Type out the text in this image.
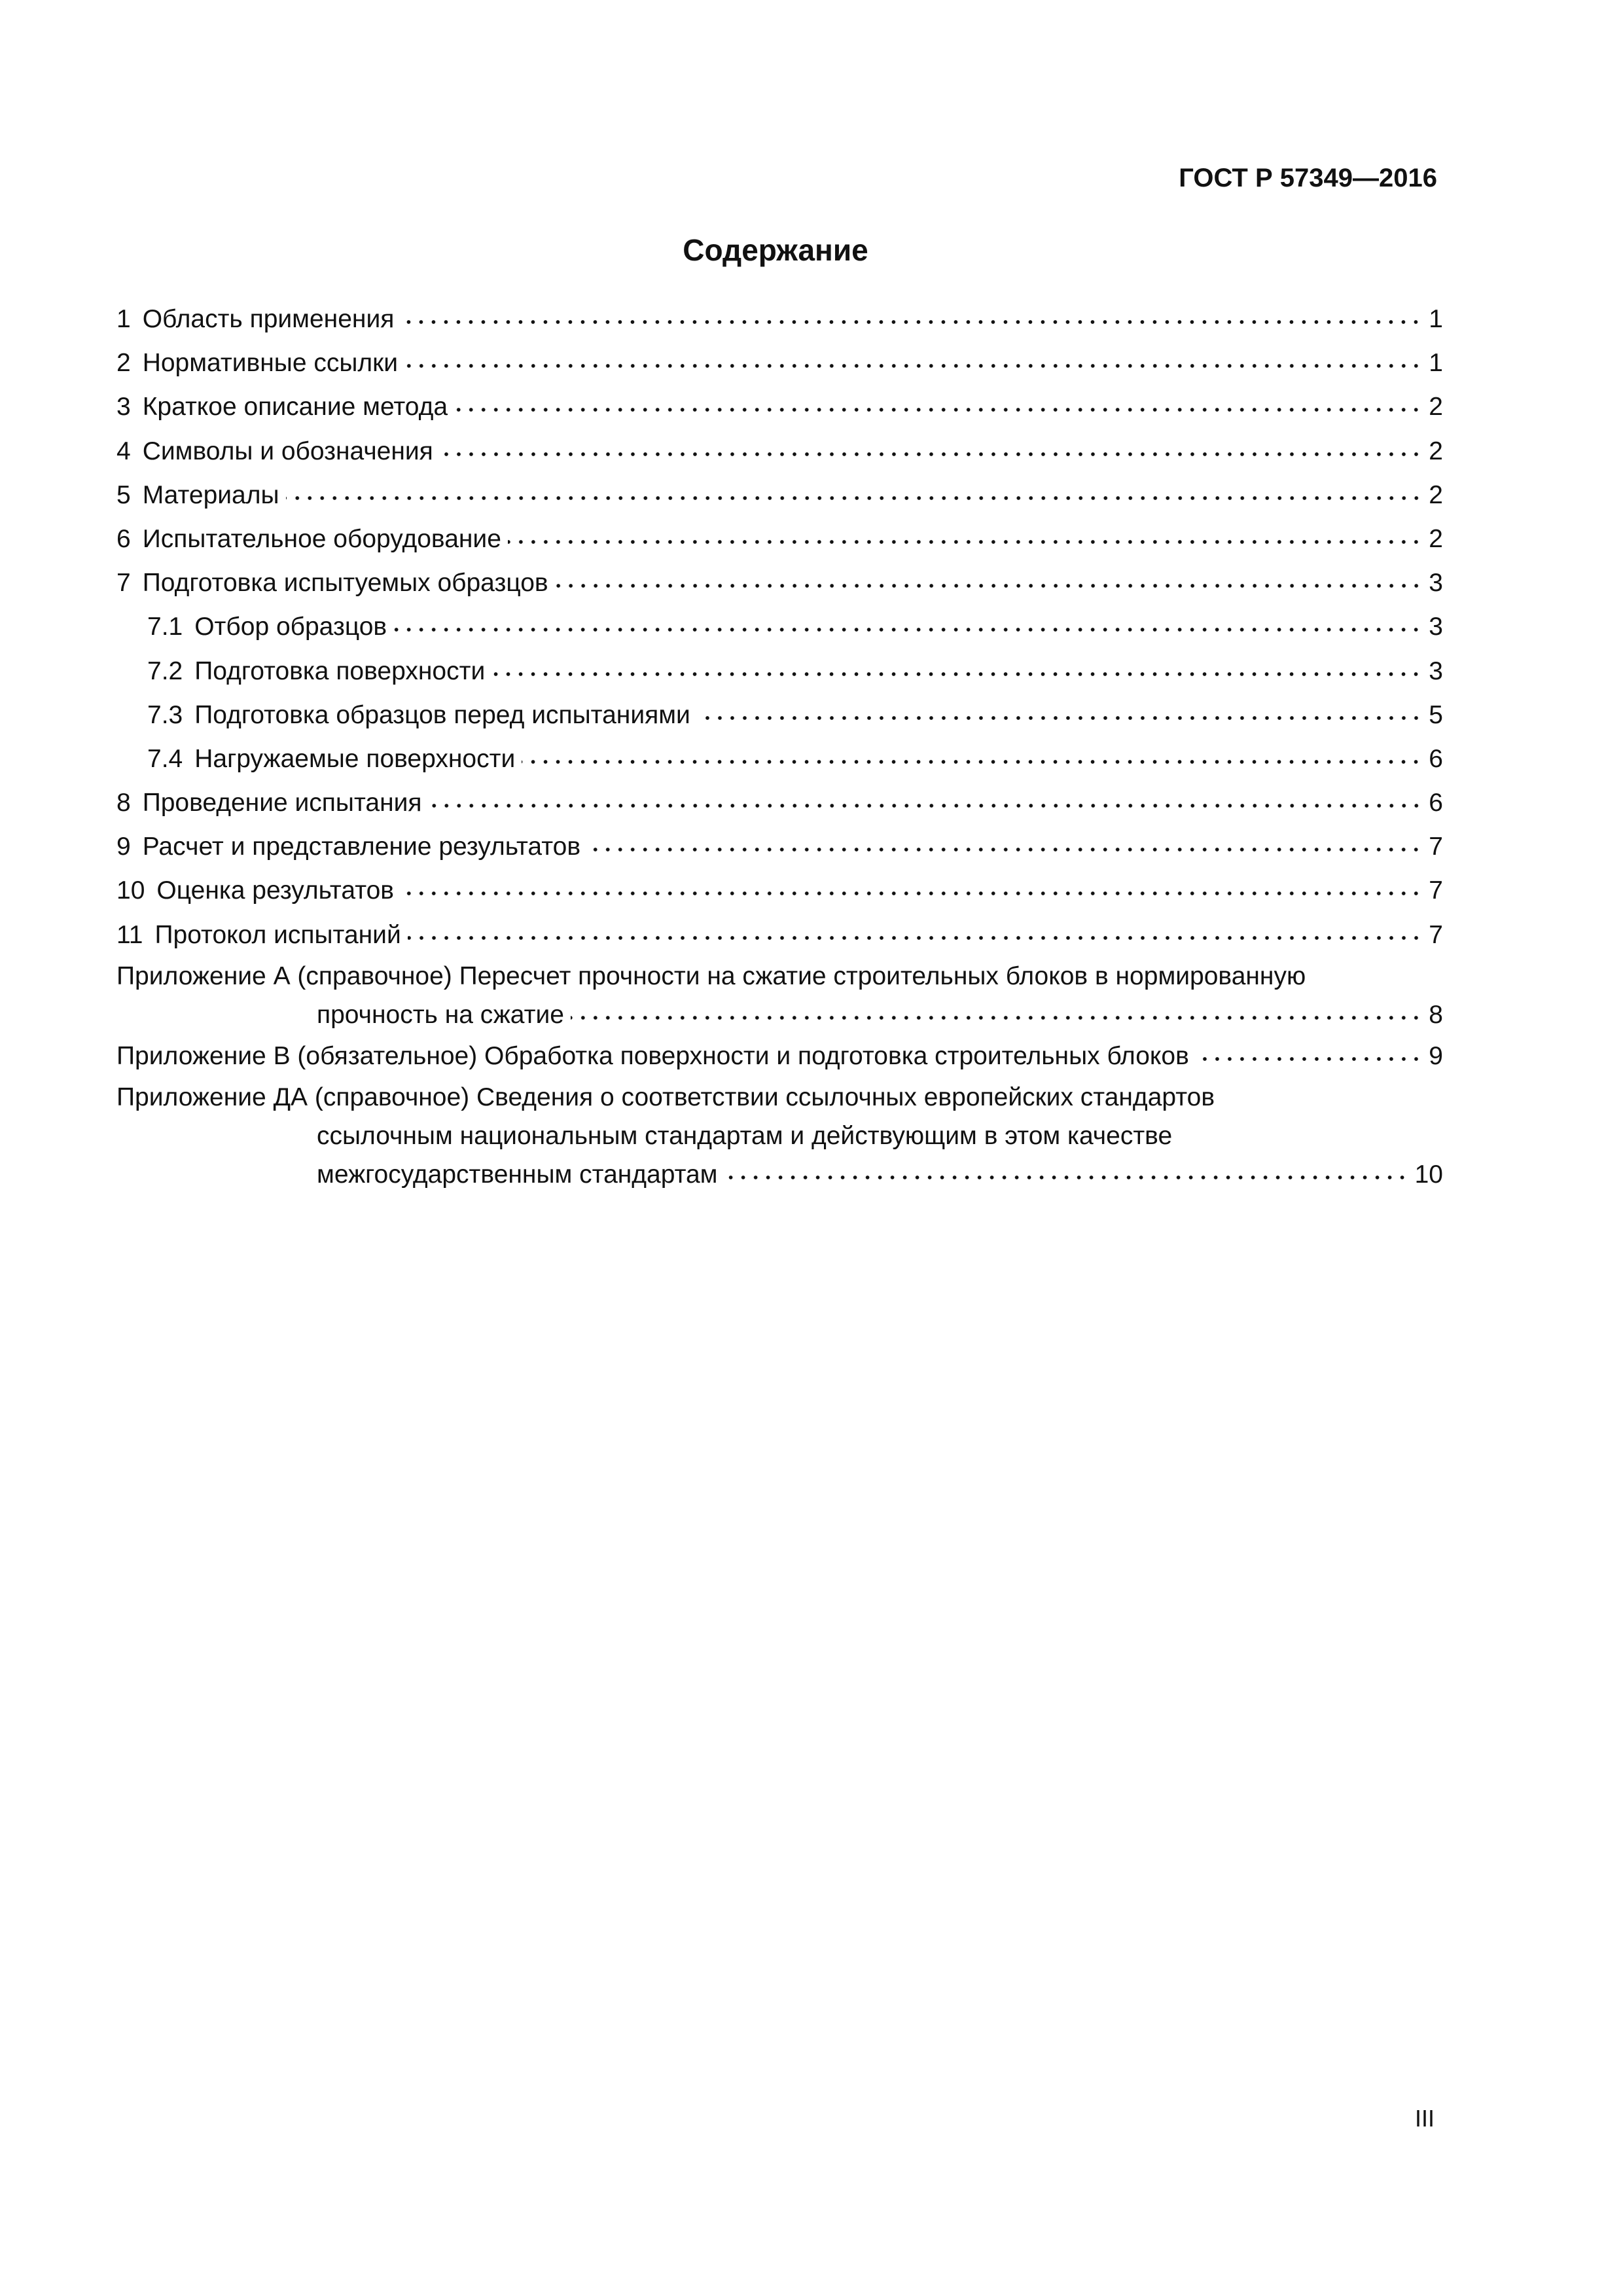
ГОСТ Р 57349—2016
Содержание
1 Область применения	1
2 Нормативные ссылки	1
3 Краткое описание метода	2
4 Символы и обозначения	2
5 Материалы	2
6 Испытательное оборудование	2
7 Подготовка испытуемых образцов	3
7.1 Отбор образцов	3
7.2 Подготовка поверхности	3
7.3 Подготовка образцов перед испытаниями	5
7.4 Нагружаемые поверхности	6
8 Проведение испытания	6
9 Расчет и представление результатов	7
10 Оценка результатов	7
11 Протокол испытаний	7
Приложение А (справочное) Пересчет прочности на сжатие строительных блоков в нормированную
прочность на сжатие	8
Приложение В (обязательное) Обработка поверхности и подготовка строительных блоков	9
Приложение ДА (справочное) Сведения о соответствии ссылочных европейских стандартов
ссылочным национальным стандартам и действующим в этом качестве
межгосударственным стандартам	10
III
